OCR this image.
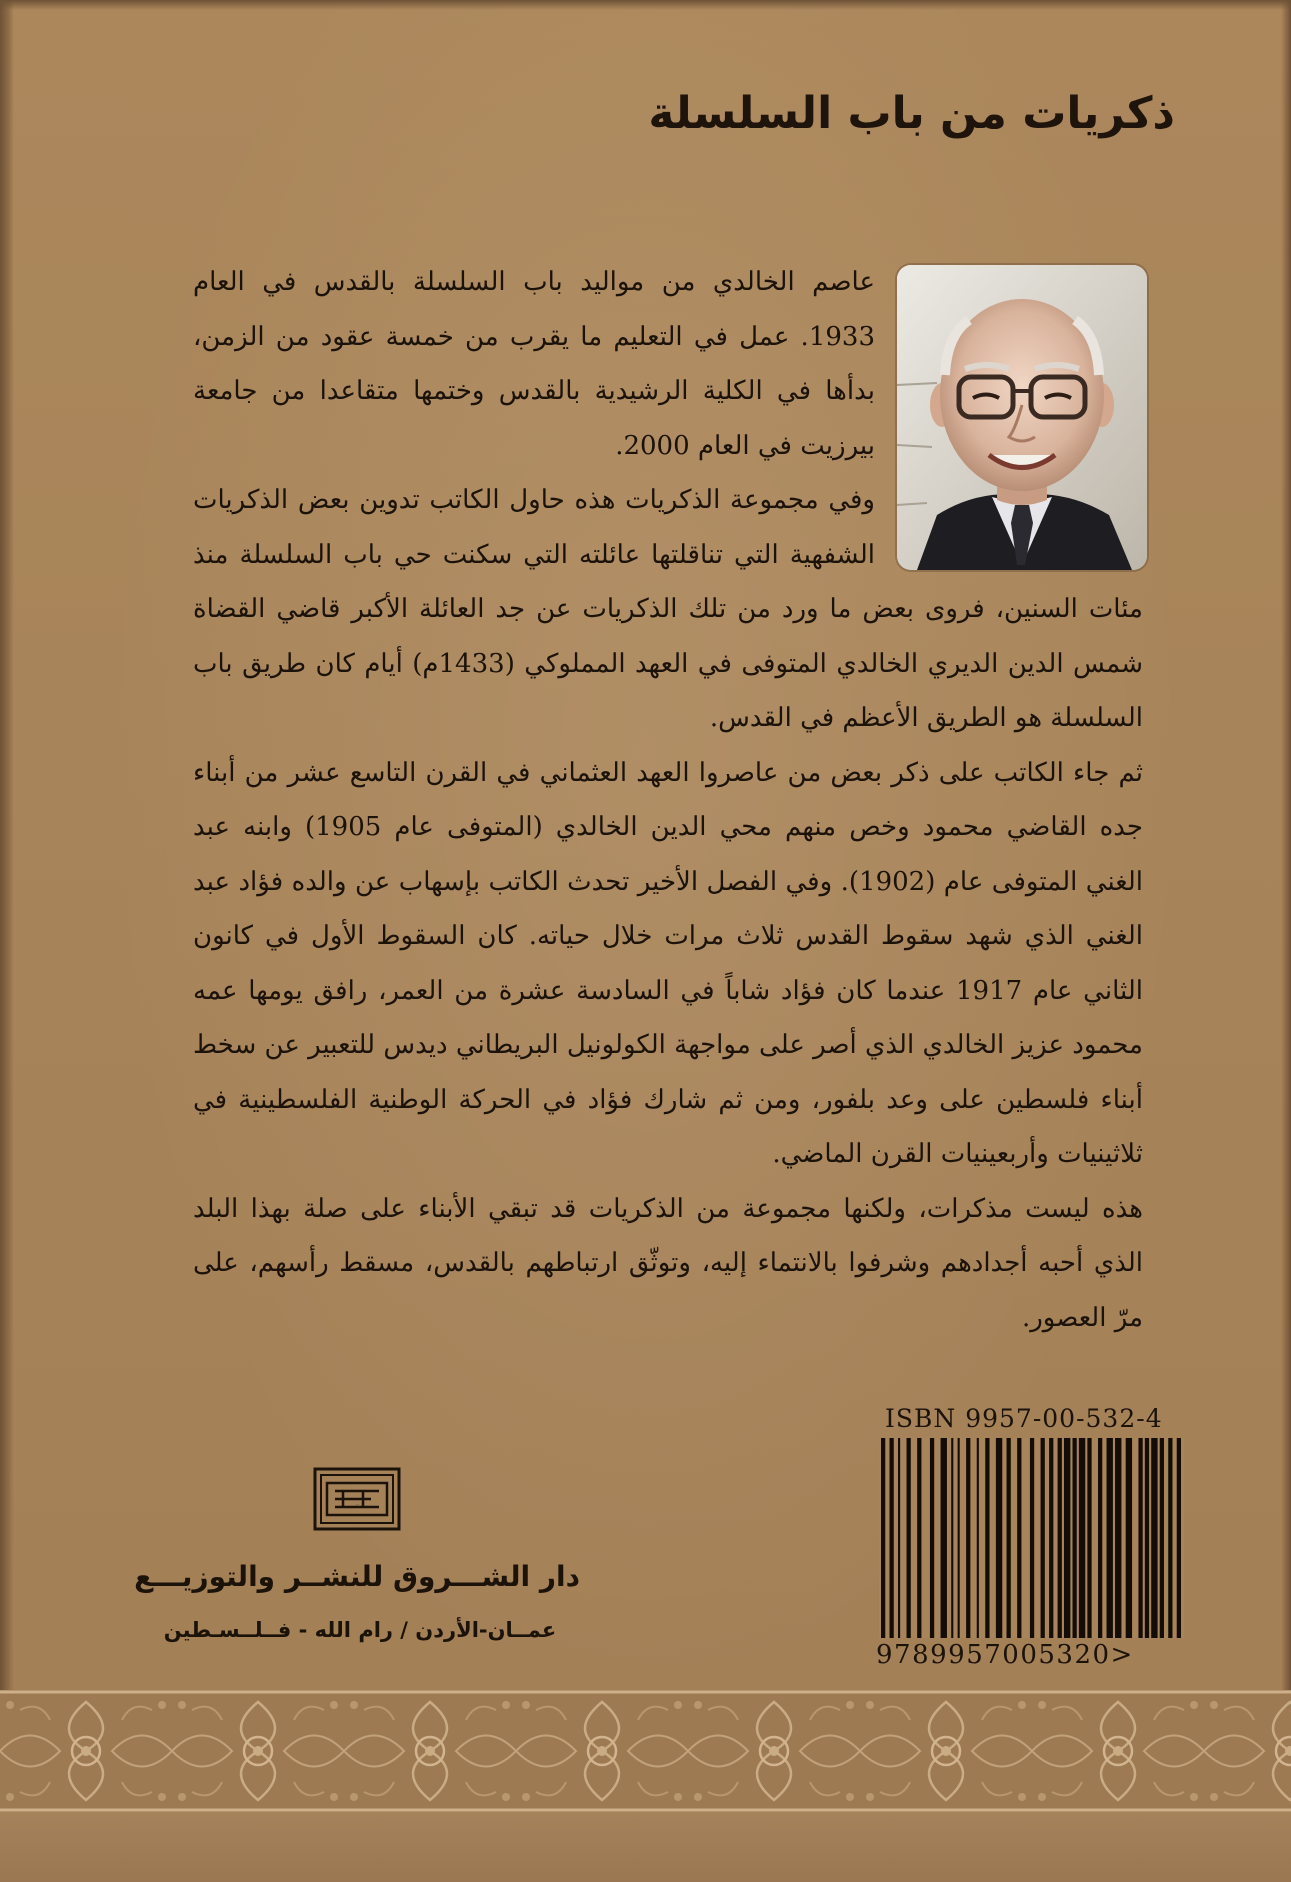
ذكريات من باب السلسلة

عاصم الخالدي من مواليد باب السلسلة بالقدس في العام 1933. عمل في التعليم ما يقرب من خمسة عقود من الزمن، بدأها في الكلية الرشيدية بالقدس وختمها متقاعدا من جامعة بيرزيت في العام 2000.

وفي مجموعة الذكريات هذه حاول الكاتب تدوين بعض الذكريات الشفهية التي تناقلتها عائلته التي سكنت حي باب السلسلة منذ مئات السنين، فروى بعض ما ورد من تلك الذكريات عن جد العائلة الأكبر قاضي القضاة شمس الدين الديري الخالدي المتوفى في العهد المملوكي (1433م) أيام كان طريق باب السلسلة هو الطريق الأعظم في القدس.

ثم جاء الكاتب على ذكر بعض من عاصروا العهد العثماني في القرن التاسع عشر من أبناء جده القاضي محمود وخص منهم محي الدين الخالدي (المتوفى عام 1905) وابنه عبد الغني المتوفى عام (1902). وفي الفصل الأخير تحدث الكاتب بإسهاب عن والده فؤاد عبد الغني الذي شهد سقوط القدس ثلاث مرات خلال حياته. كان السقوط الأول في كانون الثاني عام 1917 عندما كان فؤاد شاباً في السادسة عشرة من العمر، رافق يومها عمه محمود عزيز الخالدي الذي أصر على مواجهة الكولونيل البريطاني ديدس للتعبير عن سخط أبناء فلسطين على وعد بلفور، ومن ثم شارك فؤاد في الحركة الوطنية الفلسطينية في ثلاثينيات وأربعينيات القرن الماضي.

هذه ليست مذكرات، ولكنها مجموعة من الذكريات قد تبقي الأبناء على صلة بهذا البلد الذي أحبه أجدادهم وشرفوا بالانتماء إليه، وتوثّق ارتباطهم بالقدس، مسقط رأسهم، على مرّ العصور.

ISBN 9957-00-532-4
9789957005320>
الشروق
دار الشـــروق للنشــر والتوزيـــع
عمــان-الأردن / رام الله - فــلــسـطين
